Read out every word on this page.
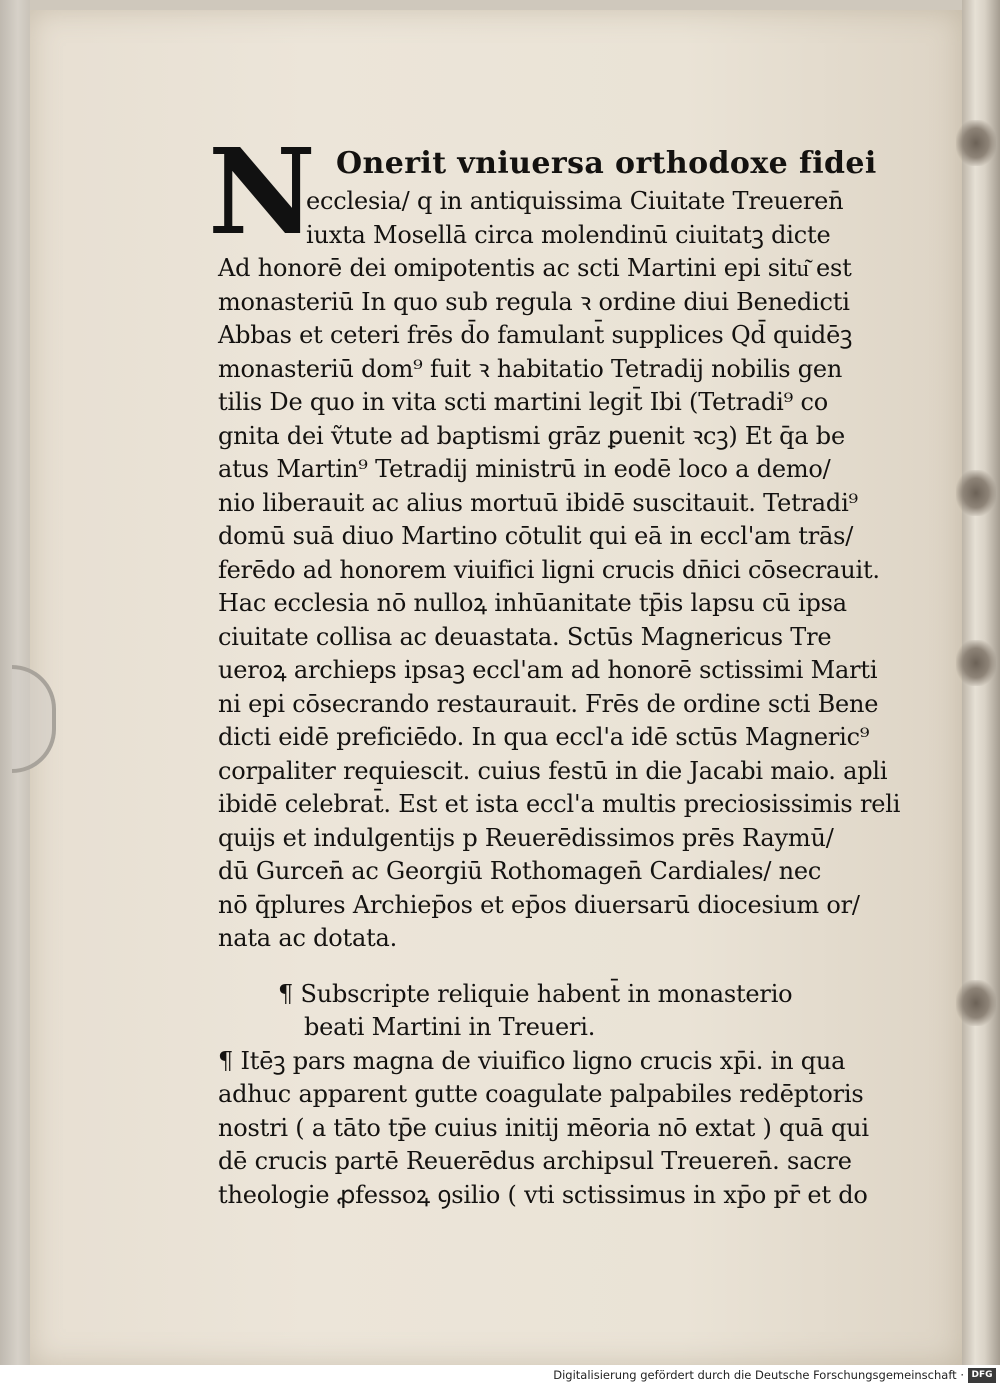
N Onerit vniuersa orthodoxe fidei
ecclesia/ q in antiquissima Ciuitate Treueren̄
iuxta Mosellā circa molendinū ciuitatꝫ dicte
Ad honorē dei omipotentis ac scti Martini epi situ͂ est
monasteriū In quo sub regula ꝛ ordine diui Benedicti
Abbas et ceteri frēs d̄o famulant̄ supplices Qd̄ quidēꝫ
monasteriū dom⁹ fuit ꝛ habitatio Tetradij nobilis gen
tilis De quo in vita scti martini legit̄ Ibi (Tetradi⁹ co
gnita dei ṽtute ad baptismi grāz ꝑuenit ꝛcꝫ) Et q̄a be
atus Martin⁹ Tetradij ministrū in eodē loco a demo/
nio liberauit ac alius mortuū ibidē suscitauit. Tetradi⁹
domū suā diuo Martino cōtulit qui eā in eccl'am trās/
ferēdo ad honorem viuifici ligni crucis dn̄ici cōsecrauit.
Hac ecclesia nō nulloꝝ inhūanitate tp̄is lapsu cū ipsa
ciuitate collisa ac deuastata. Sctūs Magnericus Tre
ueroꝝ archieps ipsaꝫ eccl'am ad honorē sctissimi Marti
ni epi cōsecrando restaurauit. Frēs de ordine scti Bene
dicti eidē preficiēdo. In qua eccl'a idē sctūs Magneric⁹
corpaliter requiescit. cuius festū in die Jacabi maio. apli
ibidē celebrat̄. Est et ista eccl'a multis preciosissimis reli
quijs et indulgentijs p Reuerēdissimos prēs Raymū/
dū Gurcen̄ ac Georgiū Rothomagen̄ Cardiales/ nec
nō q̄plures Archiep̄os et ep̄os diuersarū diocesium or/
nata ac dotata.
¶ Subscripte reliquie habent̄ in monasterio
beati Martini in Treueri.
¶ Itēꝫ pars magna de viuifico ligno crucis xp̄i. in qua
adhuc apparent gutte coagulate palpabiles redēptoris
nostri ( a tāto tp̄e cuius initij mēoria nō extat ) quā qui
dē crucis partē Reuerēdus archipsul Treueren̄. sacre
theologie ꝓfessoꝝ ꝯsilio ( vti sctissimus in xp̄o pr̄ et do
Digitalisierung gefördert durch die Deutsche Forschungsgemeinschaft · DFG
